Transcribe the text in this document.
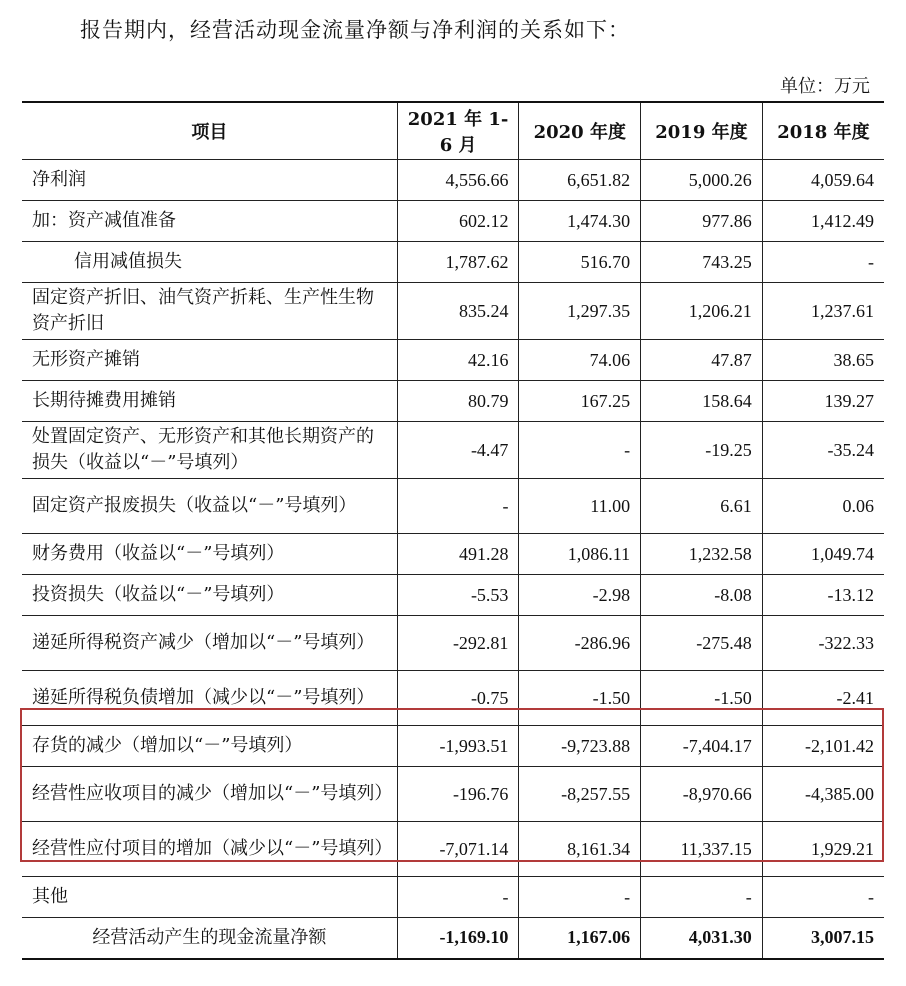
报告期内，经营活动现金流量净额与净利润的关系如下：
单位：万元
项目	2021 年 1-6 月	2020 年度	2019 年度	2018 年度
净利润	4,556.66	6,651.82	5,000.26	4,059.64
加：资产减值准备	602.12	1,474.30	977.86	1,412.49
信用减值损失	1,787.62	516.70	743.25	-
固定资产折旧、油气资产折耗、生产性生物资产折旧	835.24	1,297.35	1,206.21	1,237.61
无形资产摊销	42.16	74.06	47.87	38.65
长期待摊费用摊销	80.79	167.25	158.64	139.27
处置固定资产、无形资产和其他长期资产的损失（收益以“－”号填列）	-4.47	-	-19.25	-35.24
固定资产报废损失（收益以“－”号填列）	-	11.00	6.61	0.06
财务费用（收益以“－”号填列）	491.28	1,086.11	1,232.58	1,049.74
投资损失（收益以“－”号填列）	-5.53	-2.98	-8.08	-13.12
递延所得税资产减少（增加以“－”号填列）	-292.81	-286.96	-275.48	-322.33
递延所得税负债增加（减少以“－”号填列）	-0.75	-1.50	-1.50	-2.41
存货的减少（增加以“－”号填列）	-1,993.51	-9,723.88	-7,404.17	-2,101.42
经营性应收项目的减少（增加以“－”号填列）	-196.76	-8,257.55	-8,970.66	-4,385.00
经营性应付项目的增加（减少以“－”号填列）	-7,071.14	8,161.34	11,337.15	1,929.21
其他	-	-	-	-
经营活动产生的现金流量净额	-1,169.10	1,167.06	4,031.30	3,007.15
